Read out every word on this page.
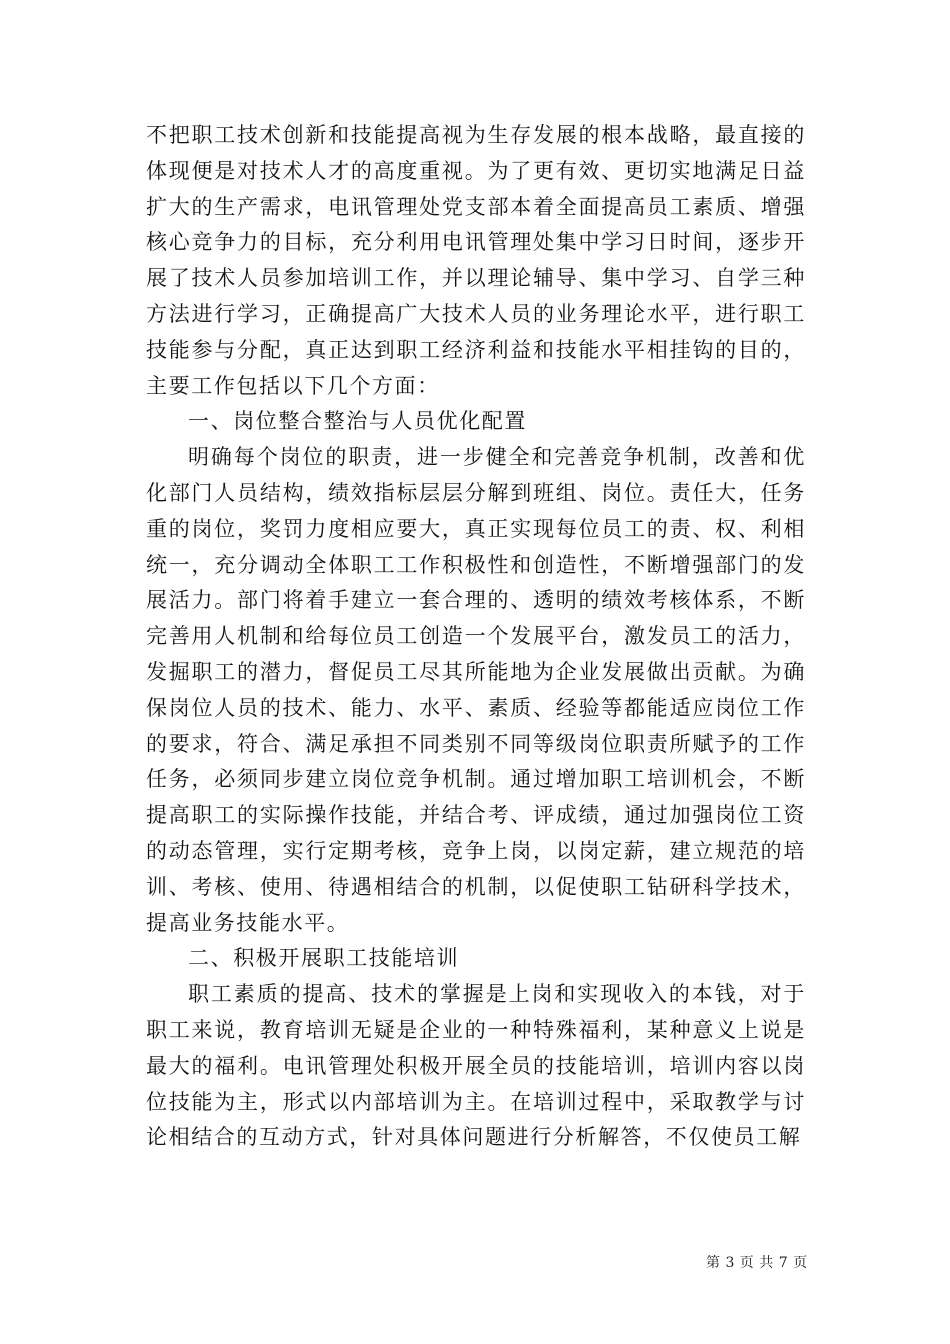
不把职工技术创新和技能提高视为生存发展的根本战略，最直接的体现便是对技术人才的高度重视。为了更有效、更切实地满足日益扩大的生产需求，电讯管理处党支部本着全面提高员工素质、增强核心竞争力的目标，充分利用电讯管理处集中学习日时间，逐步开展了技术人员参加培训工作，并以理论辅导、集中学习、自学三种方法进行学习，正确提高广大技术人员的业务理论水平，进行职工技能参与分配，真正达到职工经济利益和技能水平相挂钩的目的，主要工作包括以下几个方面：

一、岗位整合整治与人员优化配置

明确每个岗位的职责，进一步健全和完善竞争机制，改善和优化部门人员结构，绩效指标层层分解到班组、岗位。责任大，任务重的岗位，奖罚力度相应要大，真正实现每位员工的责、权、利相统一，充分调动全体职工工作积极性和创造性，不断增强部门的发展活力。部门将着手建立一套合理的、透明的绩效考核体系，不断完善用人机制和给每位员工创造一个发展平台，激发员工的活力，发掘职工的潜力，督促员工尽其所能地为企业发展做出贡献。为确保岗位人员的技术、能力、水平、素质、经验等都能适应岗位工作的要求，符合、满足承担不同类别不同等级岗位职责所赋予的工作任务，必须同步建立岗位竞争机制。通过增加职工培训机会，不断提高职工的实际操作技能，并结合考、评成绩，通过加强岗位工资的动态管理，实行定期考核，竞争上岗，以岗定薪，建立规范的培训、考核、使用、待遇相结合的机制，以促使职工钻研科学技术，提高业务技能水平。

二、积极开展职工技能培训

职工素质的提高、技术的掌握是上岗和实现收入的本钱，对于职工来说，教育培训无疑是企业的一种特殊福利，某种意义上说是最大的福利。电讯管理处积极开展全员的技能培训，培训内容以岗位技能为主，形式以内部培训为主。在培训过程中，采取教学与讨论相结合的互动方式，针对具体问题进行分析解答，不仅使员工解

第 3 页 共 7 页
